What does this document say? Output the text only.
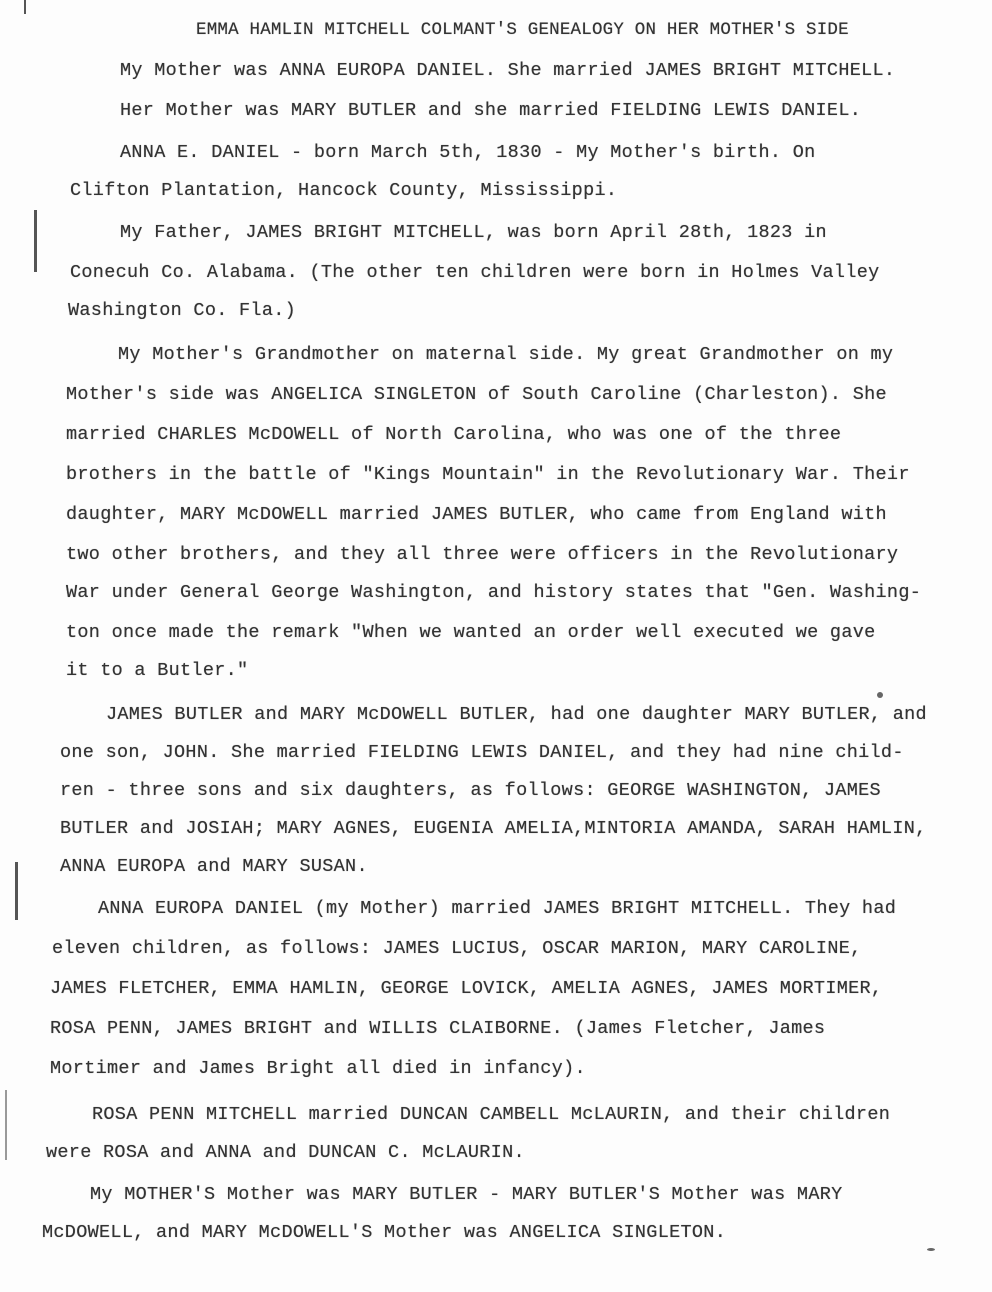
EMMA HAMLIN MITCHELL COLMANT'S GENEALOGY ON HER MOTHER'S SIDE
My Mother was ANNA EUROPA DANIEL. She married JAMES BRIGHT MITCHELL.
Her Mother was MARY BUTLER and she married FIELDING LEWIS DANIEL.
ANNA E. DANIEL - born March 5th, 1830 - My Mother's birth. On
Clifton Plantation, Hancock County, Mississippi.
My Father, JAMES BRIGHT MITCHELL, was born April 28th, 1823 in
Conecuh Co. Alabama. (The other ten children were born in Holmes Valley
Washington Co. Fla.)
My Mother's Grandmother on maternal side. My great Grandmother on my
Mother's side was ANGELICA SINGLETON of South Caroline (Charleston). She
married CHARLES McDOWELL of North Carolina, who was one of the three
brothers in the battle of "Kings Mountain" in the Revolutionary War. Their
daughter, MARY McDOWELL married JAMES BUTLER, who came from England with
two other brothers, and they all three were officers in the Revolutionary
War under General George Washington, and history states that "Gen. Washing-
ton once made the remark "When we wanted an order well executed we gave
it to a Butler."
JAMES BUTLER and MARY McDOWELL BUTLER, had one daughter MARY BUTLER, and
one son, JOHN. She married FIELDING LEWIS DANIEL, and they had nine child-
ren - three sons and six daughters, as follows: GEORGE WASHINGTON, JAMES
BUTLER and JOSIAH; MARY AGNES, EUGENIA AMELIA,MINTORIA AMANDA, SARAH HAMLIN,
ANNA EUROPA and MARY SUSAN.
ANNA EUROPA DANIEL (my Mother) married JAMES BRIGHT MITCHELL. They had
eleven children, as follows: JAMES LUCIUS, OSCAR MARION, MARY CAROLINE,
JAMES FLETCHER, EMMA HAMLIN, GEORGE LOVICK, AMELIA AGNES, JAMES MORTIMER,
ROSA PENN, JAMES BRIGHT and WILLIS CLAIBORNE. (James Fletcher, James
Mortimer and James Bright all died in infancy).
ROSA PENN MITCHELL married DUNCAN CAMBELL McLAURIN, and their children
were ROSA and ANNA and DUNCAN C. McLAURIN.
My MOTHER'S Mother was MARY BUTLER - MARY BUTLER'S Mother was MARY
McDOWELL, and MARY McDOWELL'S Mother was ANGELICA SINGLETON.
